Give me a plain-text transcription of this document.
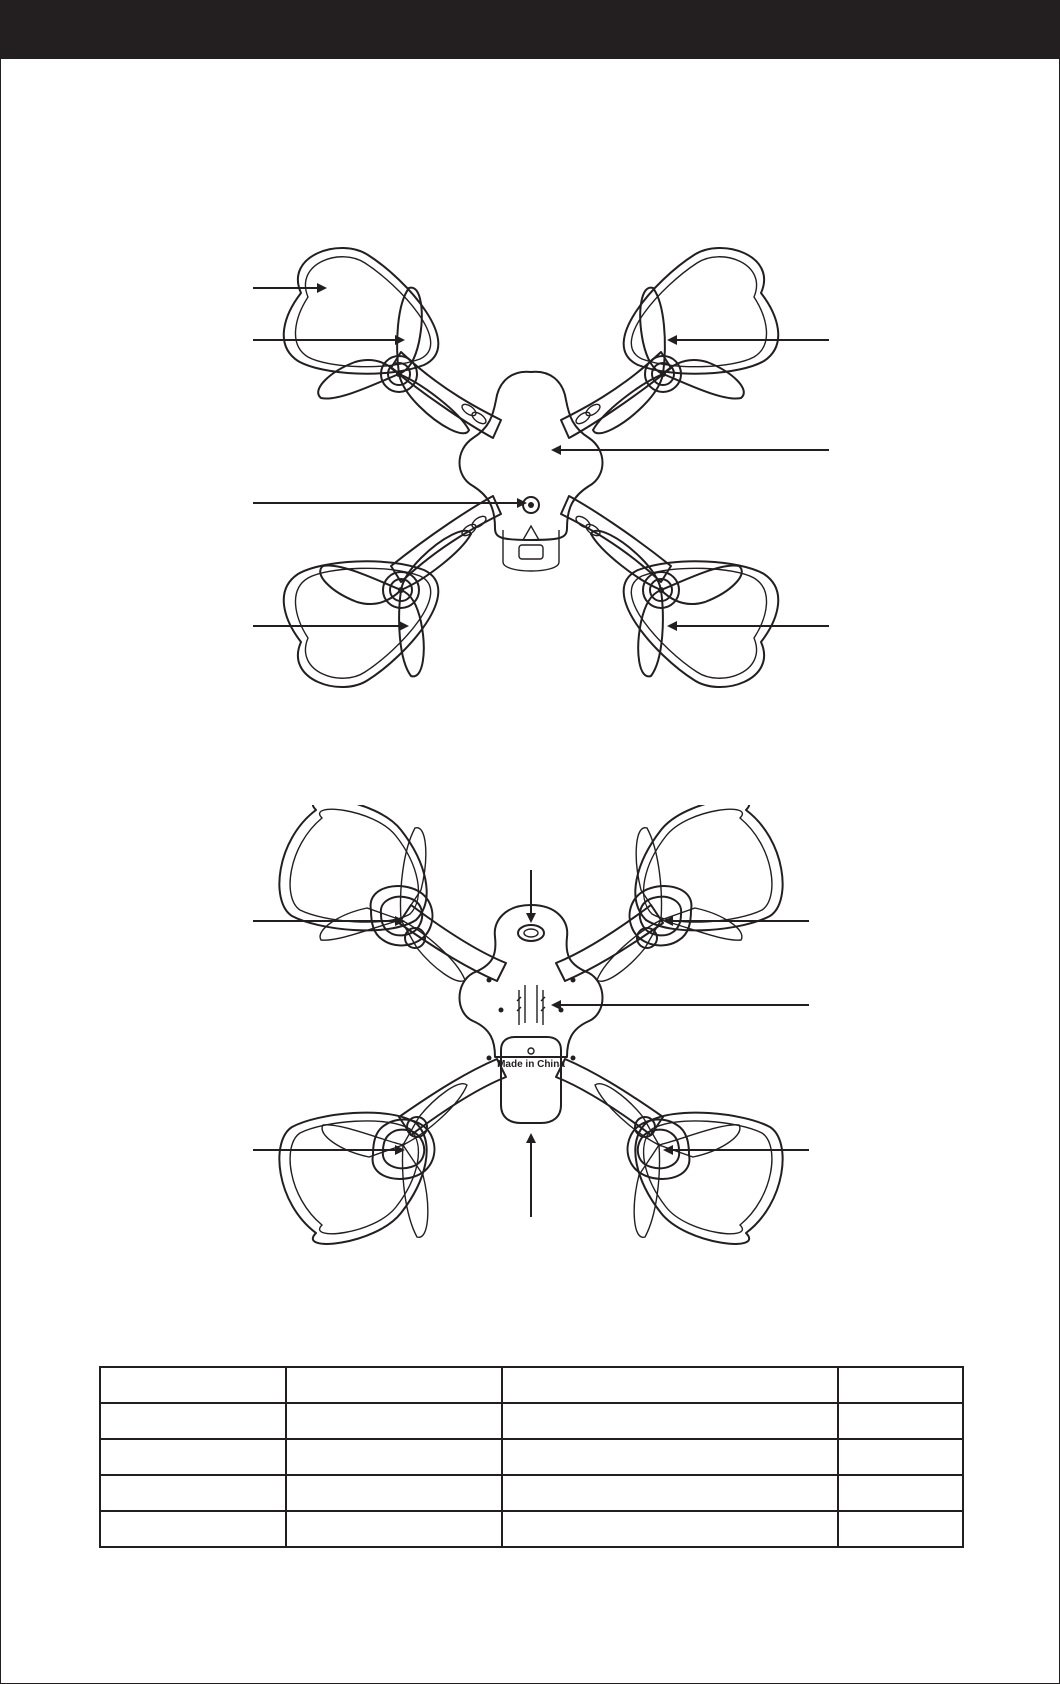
Made in China
